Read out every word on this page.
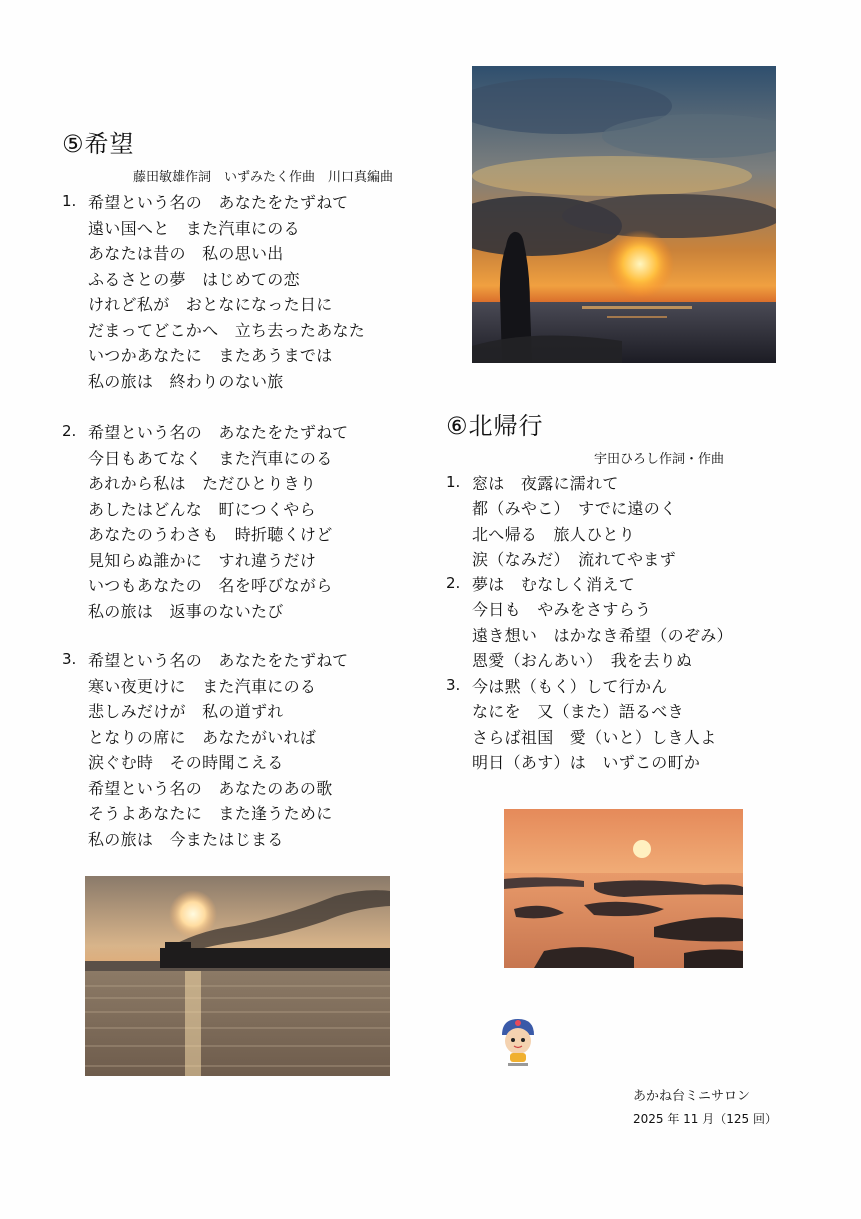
⑤希望
藤田敏雄作詞　いずみたく作曲　川口真編曲
1. 希望という名の　あなたをたずねて
遠い国へと　また汽車にのる
あなたは昔の　私の思い出
ふるさとの夢　はじめての恋
けれど私が　おとなになった日に
だまってどこかへ　立ち去ったあなた
いつかあなたに　またあうまでは
私の旅は　終わりのない旅
2. 希望という名の　あなたをたずねて
今日もあてなく　また汽車にのる
あれから私は　ただひとりきり
あしたはどんな　町につくやら
あなたのうわさも　時折聴くけど
見知らぬ誰かに　すれ違うだけ
いつもあなたの　名を呼びながら
私の旅は　返事のないたび
3. 希望という名の　あなたをたずねて
寒い夜更けに　また汽車にのる
悲しみだけが　私の道ずれ
となりの席に　あなたがいれば
涙ぐむ時　その時聞こえる
希望という名の　あなたのあの歌
そうよあなたに　また逢うために
私の旅は　今またはじまる
⑥北帰行
宇田ひろし作詞・作曲
1. 窓は　夜露に濡れて
都（みやこ）　すでに遠のく
北へ帰る　旅人ひとり
涙（なみだ）　流れてやまず
2. 夢は　むなしく消えて
今日も　やみをさすらう
遠き想い　はかなき希望（のぞみ）
恩愛（おんあい）　我を去りぬ
3. 今は黙（もく）して行かん
なにを　又（また）語るべき
さらば祖国　愛（いと）しき人よ
明日（あす）は　いずこの町か
あかね台ミニサロン
2025 年 11 月（125 回）
